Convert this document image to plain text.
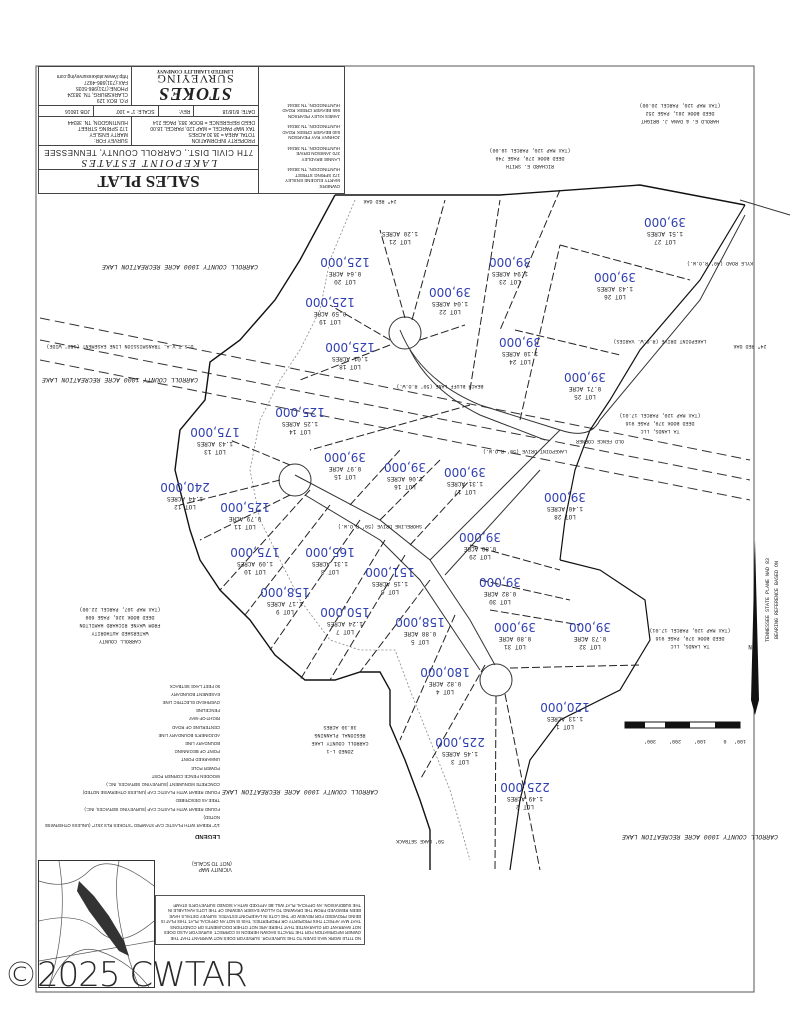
120,000
1.13 ACRES
LOT 1
225,000
1.49 ACRES
LOT 2
225,000
1.45 ACRES
LOT 3
180,000
0.82 ACRE
LOT 4
158,000
0.88 ACRE
LOT 5
151,000
1.15 ACRES
LOT 6
150,000
1.24 ACRES
LOT 7
165,000
1.31 ACRES
LOT 8
158,000
1.17 ACRES
LOT 9
175,000
1.09 ACRES
LOT 10
125,000
0.79 ACRE
LOT 11
240,000
1.44 ACRES
LOT 12
175,000
1.43 ACRES
LOT 13
125,000
1.25 ACRES
LOT 14
39,000
0.97 ACRE
LOT 15
39,000
1.06 ACRES
LOT 16
39,000
1.31 ACRES
LOT 17
125,000
1.01 ACRES
LOT 18
125,000
0.59 ACRE
LOT 19
125,000
0.64 ACRE
LOT 20
1.20 ACRES
LOT 21
39,000
1.04 ACRES
LOT 22
39,000
1.94 ACRES
LOT 23
39,000
1.10 ACRES
LOT 24
39,000
0.71 ACRE
LOT 25
39,000
1.43 ACRES
LOT 26
39,000
1.51 ACRES
LOT 27
39,000
1.40 ACRES
LOT 28
39,000
0.80 ACRE
LOT 29
39,000
0.82 ACRE
LOT 30
39,000
0.80 ACRE
LOT 31
39,000
0.73 ACRE
LOT 32
BEACH BLUFF LANE (50' R.O.W.)
SHORELINE DRIVE (50' R.O.W.)
LAKEPOINT DRIVE (50' R.O.W.)
LAKEPOINT DRIVE (R.O.W. VARIES)
KYLE ROAD (40' R.O.W.)
U.S.T.V.A. TRANSMISSION LINE EASEMENT (150' WIDE)
CARROLL COUNTY 1000 ACRE RECREATION LAKE
CARROLL COUNTY 1000 ACRE RECREATION LAKE
CARROLL COUNTY 1000 ACRE RECREATION LAKE
CARROLL COUNTY 1000 ACRE RECREATION LAKE
ZONED L-1
CARROLL COUNTY LAKE
REGIONAL PLANNING
38.30 ACRES
TA LANDS, LLC
DEED BOOK 379, PAGE 916
(TAX MAP 120, PARCEL 17.01)
TA LANDS, LLC
DEED BOOK 379, PAGE 916
(TAX MAP 120, PARCEL 17.01)
CARROLL COUNTY
WATERSHED AUTHORITY
FROM WAYNE RICHARD HAMILTON
DEED BOOK 326, PAGE 609
(TAX MAP 107, PARCEL 22.00)
HAROLD E. & DANA J. BRIGHT
DEED BOOK 281, PAGE 252
(TAX MAP 120, PARCEL 20.00)
RICHARD E. SMITH
DEED BOOK 279, PAGE 748
(TAX MAP 120, PARCEL 19.00)
24" RED OAK
24" RED OAK
OLD FENCE CORNER
50' LAKE SETBACK
BEARING REFERENCE BASED ON
TENNESSEE STATE PLANE NAD 83
100'
0
100'
200'
300'
N
OWNERS:
MARTY EUGENE ENSLEY
172 SPRING STREET
HUNTINGDON, TN 38344
LANNIE BRADLEY
370 JAMISON DRIVE
HUNTINGDON, TN 38344
JOHNNY RAY PEARSON
540 BEAVER CREEK ROAD
HUNTINGDON, TN 38344
JAMES KILEY PEARSON
565 BEAVER CREEK ROAD
HUNTINGDON, TN 38344
SALES PLAT
LAKEPOINT ESTATES
7TH CIVIL DIST., CARROLL COUNTY, TENNESSEE
PROPERTY INFORMATION
TOTAL AREA = 38.30 ACRES
TAX MAP PARCEL = MAP 120, PARCEL 18.00
DEED REFERENCE = BOOK 383, PAGE 214
SURVEY FOR:
MARTY ENSLEY
172 SPRING STREET
HUNTINGDON, TN. 38344
DATE: 8/18/18
REV:
SCALE: 1" = 100'
JOB 18016
STOKES
SURVEYING
LIMITED LIABILITY COMPANY
P.O. BOX 129
CLARKSBURG, TN. 38324
PHONE:(731)986-5035
FAX:(731)986-4927
http://www.stokessurveying.com
LEGEND
1/2" REBAR WITH PLASTIC CAP STAMPED "STOKES RLS 2517" (UNLESS OTHERWISE NOTED)
FOUND REBAR WITH PLASTIC CAP (SURVEYING SERVICES, INC.)
TREE AS DESCRIBED
FOUND REBAR WITH PLASTIC CAP (UNLESS OTHERWISE NOTED)
CONCRETE MONUMENT (SURVEYING SERVICES, INC.)
WOODEN FENCE CORNER POST
POWER POLE
UNMARKED POINT
POINT OF BEGINNING
BOUNDARY LINE
ADJOINER'S BOUNDARY LINE
CENTERLINE OF ROAD
RIGHT-OF-WAY
FENCELINE
OVERHEAD ELECTRIC LINE
EASEMENT BOUNDARY
50 FEET LAKE SETBACK
NO TITLE WORK WAS GIVEN TO THE SURVEYOR. SURVEYOR DOES NOT WARRANT THAT THE OWNER INFORMATION FOR THE TRACTS SHOWN HEREON IS CORRECT. SURVEYOR ALSO DOES NOT WARRANT OR GUARANTEE THAT THERE ARE NOT OTHER DOCUMENTS OR CONDITIONS THAT MAY AFFECT THIS PROPERTY OR PROPERTIES. THIS IS NOT AN OFFICIAL PLAT. THIS PLAT IS BEING PROVIDED FOR REVIEW OF THE LOTS IN LAKEPOINT ESTATES. SURVEY DETAILS HAVE BEEN REMOVED FROM THE DRAWING TO ALLOW EASIER VIEWING OF THE LOTS AVAILABLE IN THE SUBDIVISION. AN OFFICIAL PLAT WILL BE AFFIXED WITH A SIGNED SURVEYOR'S STAMP.
VICINITY MAP
(NOT TO SCALE)
©2025 CWTAR
